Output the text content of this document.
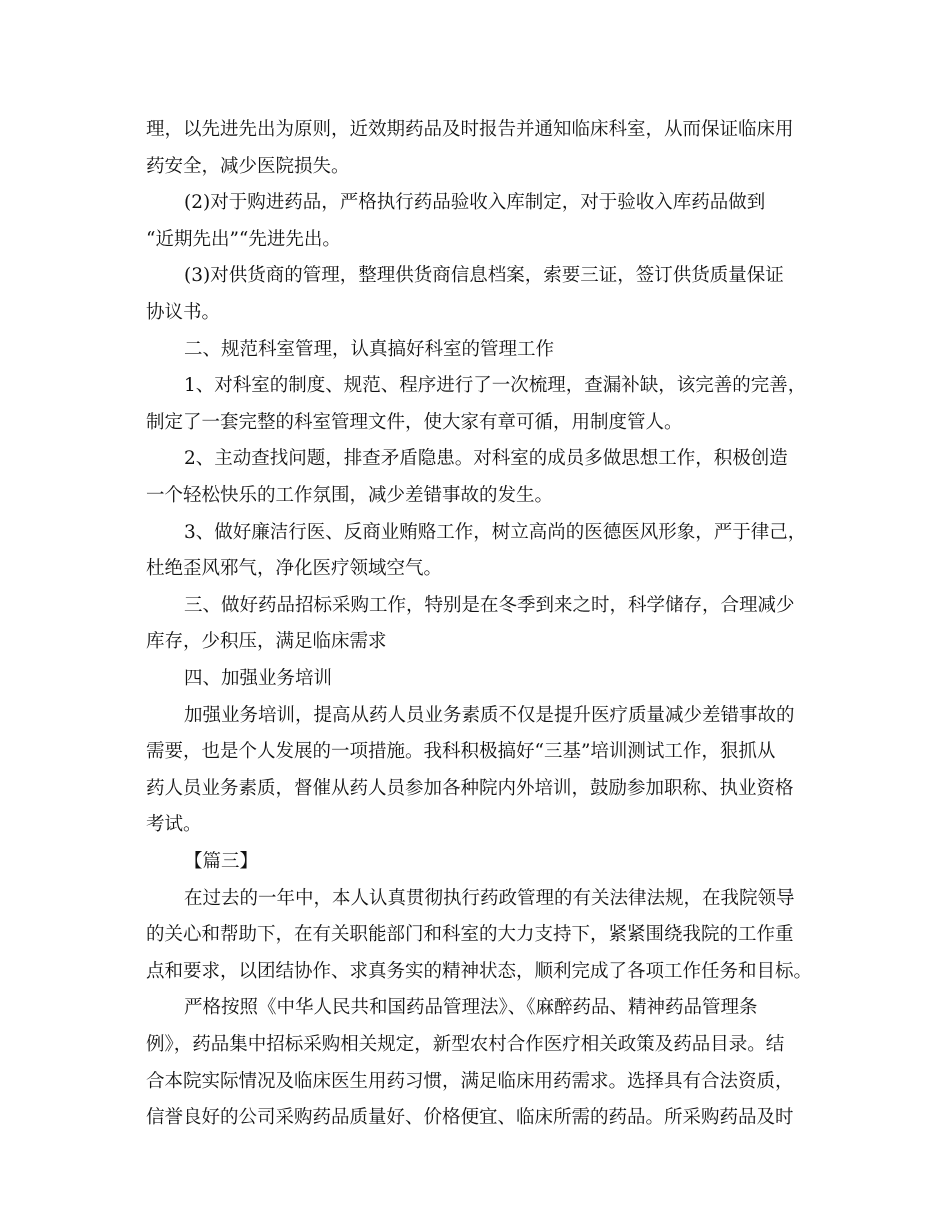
理，以先进先出为原则，近效期药品及时报告并通知临床科室，从而保证临床用
药安全，减少医院损失。
(2)对于购进药品，严格执行药品验收入库制定，对于验收入库药品做到
“近期先出”“先进先出。
(3)对供货商的管理，整理供货商信息档案，索要三证，签订供货质量保证
协议书。
二、规范科室管理，认真搞好科室的管理工作
1、对科室的制度、规范、程序进行了一次梳理，查漏补缺，该完善的完善，
制定了一套完整的科室管理文件，使大家有章可循，用制度管人。
2、主动查找问题，排查矛盾隐患。对科室的成员多做思想工作，积极创造
一个轻松快乐的工作氛围，减少差错事故的发生。
3、做好廉洁行医、反商业贿赂工作，树立高尚的医德医风形象，严于律己，
杜绝歪风邪气，净化医疗领域空气。
三、做好药品招标采购工作，特别是在冬季到来之时，科学储存，合理减少
库存，少积压，满足临床需求
四、加强业务培训
加强业务培训，提高从药人员业务素质不仅是提升医疗质量减少差错事故的
需要，也是个人发展的一项措施。我科积极搞好“三基”培训测试工作，狠抓从
药人员业务素质，督催从药人员参加各种院内外培训，鼓励参加职称、执业资格
考试。
【篇三】
在过去的一年中，本人认真贯彻执行药政管理的有关法律法规，在我院领导
的关心和帮助下，在有关职能部门和科室的大力支持下，紧紧围绕我院的工作重
点和要求，以团结协作、求真务实的精神状态，顺利完成了各项工作任务和目标。
严格按照《中华人民共和国药品管理法》、《麻醉药品、精神药品管理条
例》，药品集中招标采购相关规定，新型农村合作医疗相关政策及药品目录。结
合本院实际情况及临床医生用药习惯，满足临床用药需求。选择具有合法资质，
信誉良好的公司采购药品质量好、价格便宜、临床所需的药品。所采购药品及时
